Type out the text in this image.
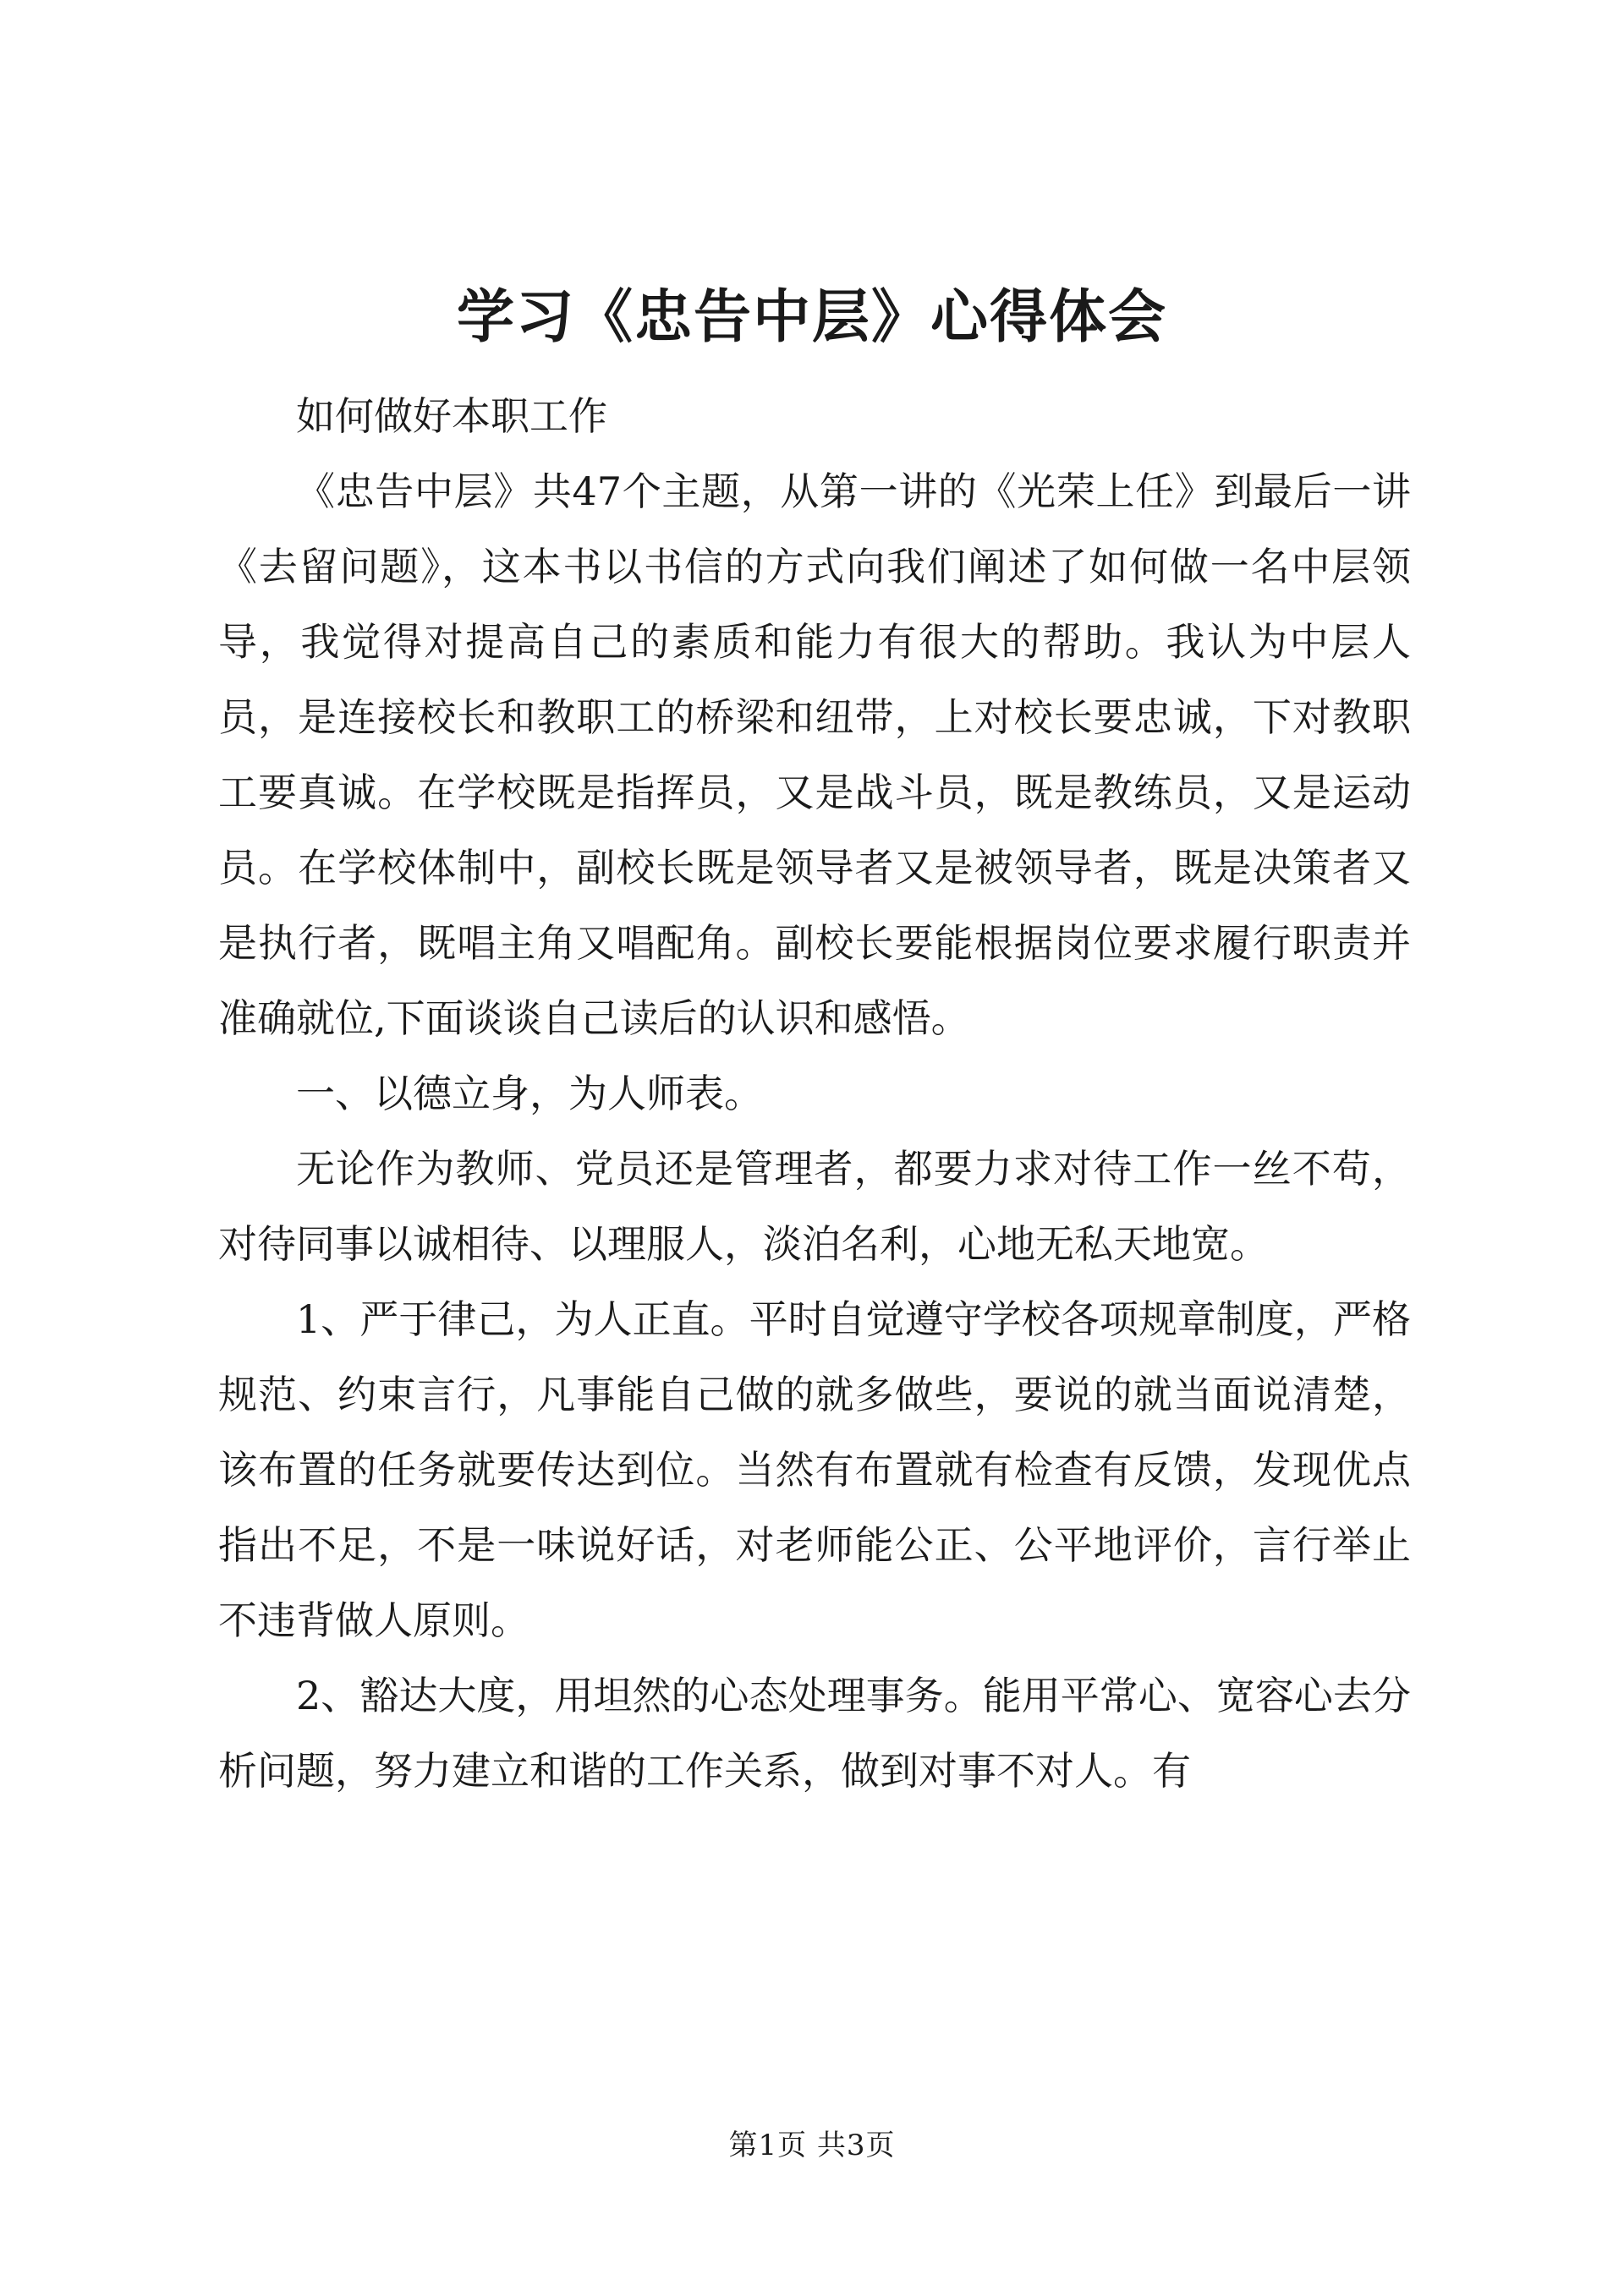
学习《忠告中层》心得体会

如何做好本职工作

《忠告中层》共47个主题，从第一讲的《光荣上任》到最后一讲《去留问题》，这本书以书信的方式向我们阐述了如何做一名中层领导，我觉得对提高自己的素质和能力有很大的帮助。我认为中层人员，是连接校长和教职工的桥梁和纽带，上对校长要忠诚，下对教职工要真诚。在学校既是指挥员，又是战斗员，既是教练员，又是运动员。在学校体制中，副校长既是领导者又是被领导者，既是决策者又是执行者，既唱主角又唱配角。副校长要能根据岗位要求履行职责并准确就位,下面谈谈自己读后的认识和感悟。

一、以德立身，为人师表。

无论作为教师、党员还是管理者，都要力求对待工作一丝不苟，对待同事以诚相待、以理服人，淡泊名利，心地无私天地宽。

1、严于律己，为人正直。平时自觉遵守学校各项规章制度，严格规范、约束言行，凡事能自己做的就多做些，要说的就当面说清楚，该布置的任务就要传达到位。当然有布置就有检查有反馈，发现优点指出不足，不是一味说好话，对老师能公正、公平地评价，言行举止不违背做人原则。

2、豁达大度，用坦然的心态处理事务。能用平常心、宽容心去分析问题，努力建立和谐的工作关系，做到对事不对人。有

第1页 共3页
